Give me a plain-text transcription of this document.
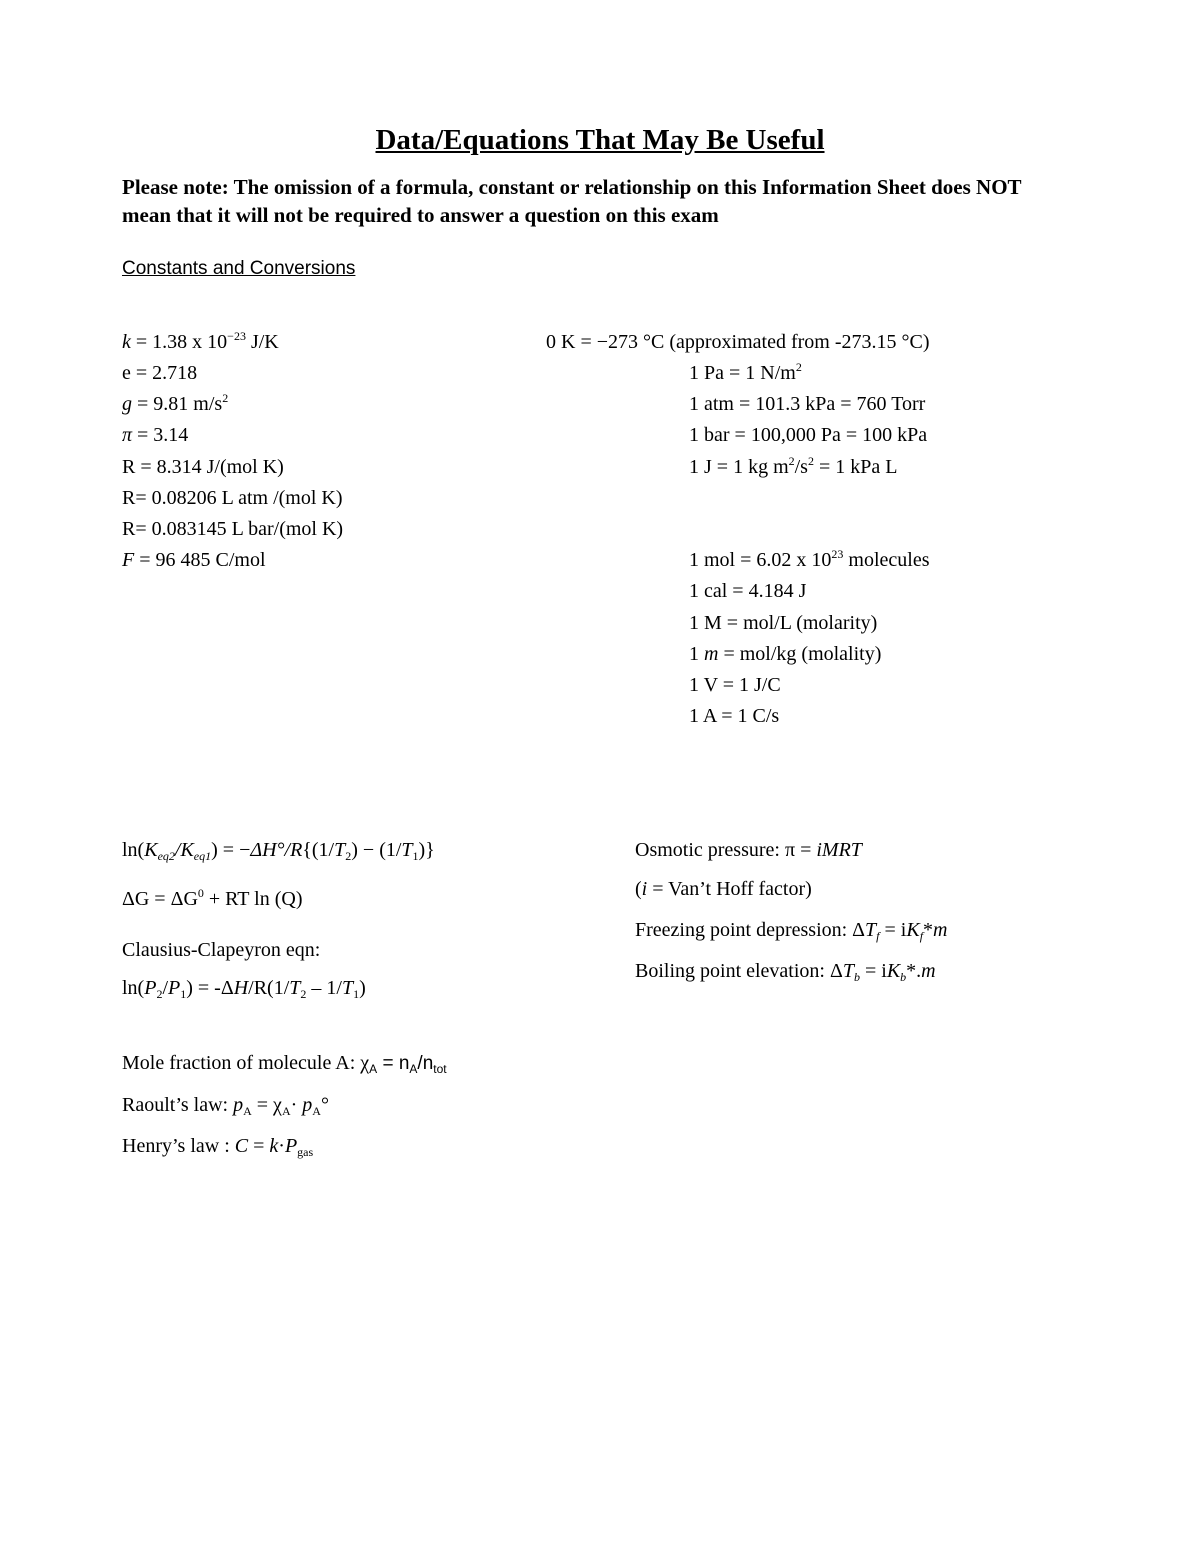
Data/Equations That May Be Useful
Please note: The omission of a formula, constant or relationship on this Information Sheet does NOT mean that it will not be required to answer a question on this exam
Constants and Conversions
k = 1.38 x $10^{-23}$ J/K
e = 2.718
g = 9.81 $m/s^2$
π = 3.14
R = 8.314 J/(mol K)
R= 0.08206 L atm /(mol K)
R= 0.083145 L bar/(mol K)
F = 96 485 C/mol
0 K = −273 °C (approximated from -273.15 °C)
1 Pa = 1 $N/m^2$
1 atm = 101.3 kPa = 760 Torr
1 bar = 100,000 Pa = 100 kPa
1 J = 1 kg $m^2/s^2 = 1$ kPa L
1 mol = 6.02 x $10^{23}$ molecules
1 cal = 4.184 J
1 M = mol/L (molarity)
1 m = mol/kg (molality)
1 V = 1 J/C
1 A = 1 C/s
$\ln(K_{eq2}/K_{eq1}) = -\Delta H^\circ/R\{(1/T_2) - (1/T_1)\}$
$\Delta G = \Delta G^0$ + RT ln (Q)
Clausius-Clapeyron eqn:
$\ln(P_2/P_1) = -\Delta H/R(1/T_2 - 1/T_1)$
Mole fraction of molecule A: $\chi_A = n_A/n_{tot}$
Raoult’s law: $p_A = \chi_A\cdot p_A^\circ$
Henry’s law : $C = k\cdot P_{gas}$
Osmotic pressure: π = iMRT
(i = Van’t Hoff factor)
Freezing point depression: $\Delta T_f = iK_f*m$
Boiling point elevation: $\Delta T_b = iK_b*.m$
